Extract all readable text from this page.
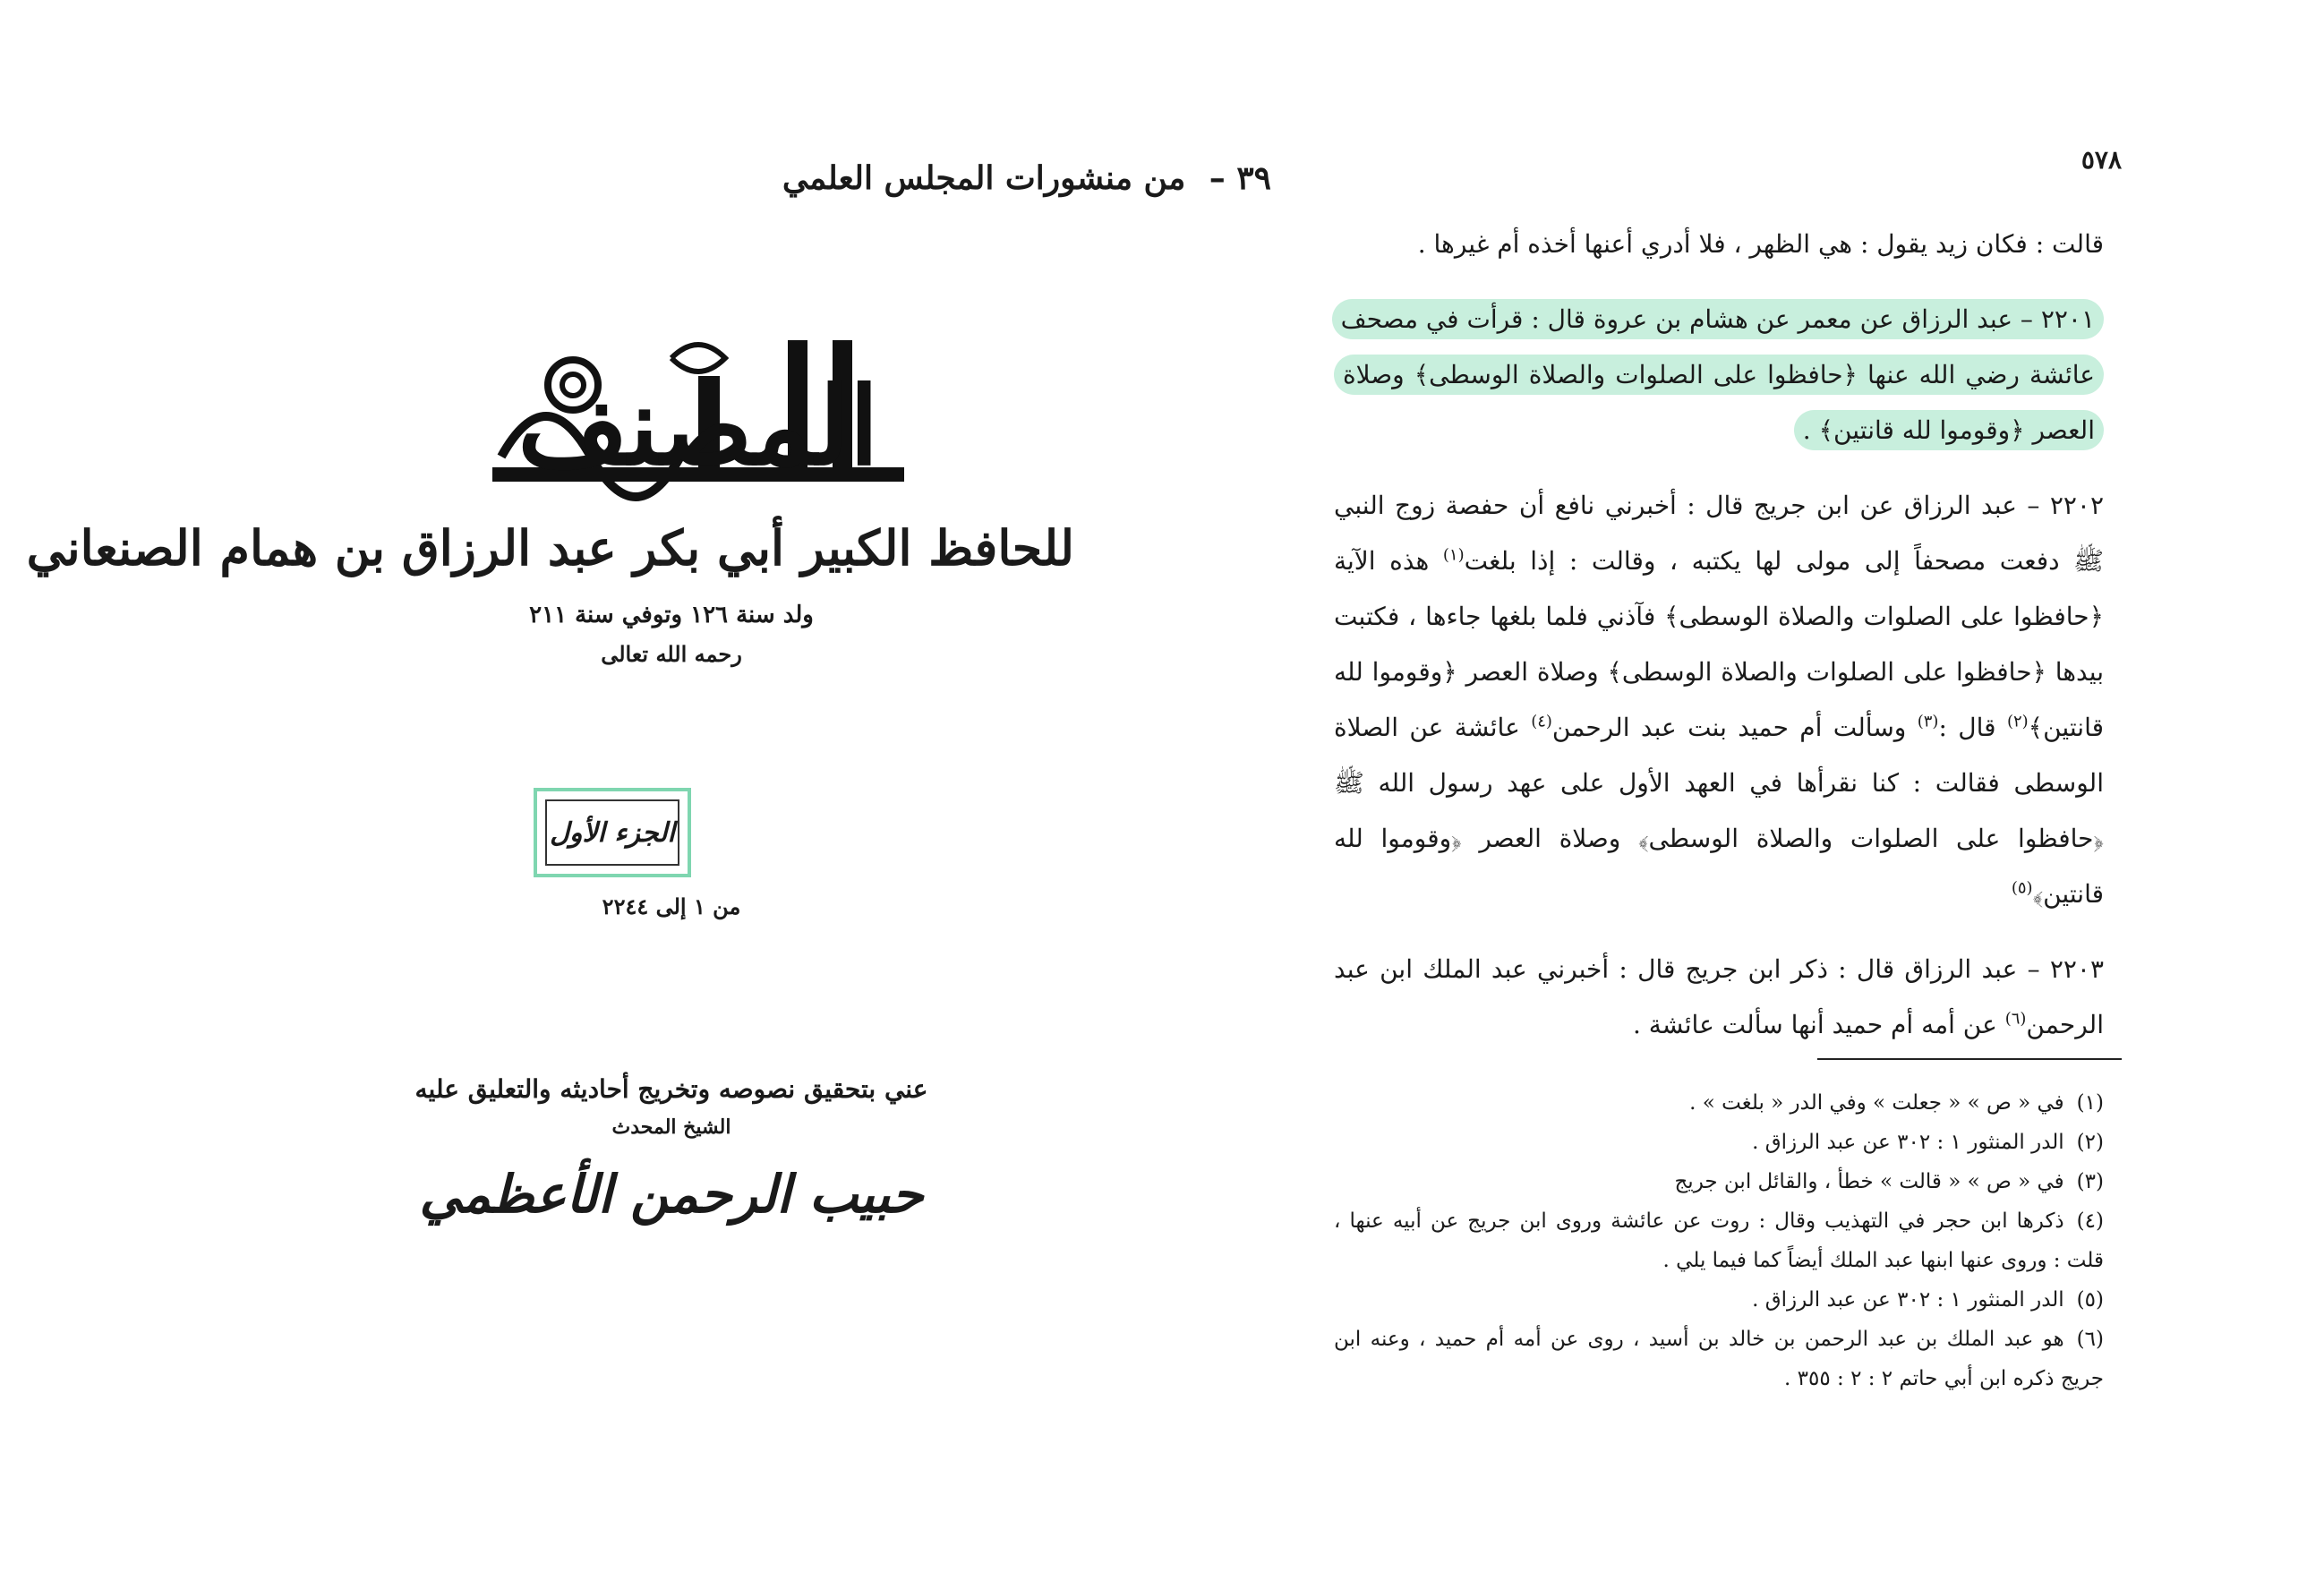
٣٩ – من منشورات المجلس العلمي
المصنف
للحافظ الكبير أبي بكر عبد الرزاق بن همام الصنعاني
ولد سنة ١٢٦ وتوفي سنة ٢١١
رحمه الله تعالى
الجزء الأول
من ١ إلى ٢٢٤٤
عني بتحقيق نصوصه وتخريج أحاديثه والتعليق عليه
الشيخ المحدث
حبيب الرحمن الأعظمي
٥٧٨

قالت : فكان زيد يقول : هي الظهر ، فلا أدري أعنها أخذه أم غيرها .

٢٢٠١ – عبد الرزاق عن معمر عن هشام بن عروة قال : قرأت في مصحف عائشة رضي الله عنها ﴿حافظوا على الصلوات والصلاة الوسطى﴾ وصلاة العصر ﴿وقوموا لله قانتين﴾ .

٢٢٠٢ – عبد الرزاق عن ابن جريج قال : أخبرني نافع أن حفصة زوج النبي ﷺ دفعت مصحفاً إلى مولى لها يكتبه ، وقالت : إذا بلغت$^{(١)}$ هذه الآية ﴿حافظوا على الصلوات والصلاة الوسطى﴾ فآذني فلما بلغها جاءها ، فكتبت بيدها ﴿حافظوا على الصلوات والصلاة الوسطى﴾ وصلاة العصر ﴿وقوموا لله قانتين﴾$^{(٢)}$ قال :$^{(٣)}$ وسألت أم حميد بنت عبد الرحمن$^{(٤)}$ عائشة عن الصلاة الوسطى فقالت : كنا نقرأها في العهد الأول على عهد رسول الله ﷺ ﴿حافظوا على الصلوات والصلاة الوسطى﴾ وصلاة العصر ﴿وقوموا لله قانتين﴾$^{(٥)}$

٢٢٠٣ – عبد الرزاق قال : ذكر ابن جريج قال : أخبرني عبد الملك ابن عبد الرحمن$^{(٦)}$ عن أمه أم حميد أنها سألت عائشة .

(١)في « ص » « جعلت » وفي الدر « بلغت » .
(٢)الدر المنثور ١ : ٣٠٢ عن عبد الرزاق .
(٣)في « ص » « قالت » خطأ ، والقائل ابن جريج
(٤)ذكرها ابن حجر في التهذيب وقال : روت عن عائشة وروى ابن جريج عن أبيه عنها ، قلت : وروى عنها ابنها عبد الملك أيضاً كما فيما يلي .
(٥)الدر المنثور ١ : ٣٠٢ عن عبد الرزاق .
(٦)هو عبد الملك بن عبد الرحمن بن خالد بن أسيد ، روى عن أمه أم حميد ، وعنه ابن جريج ذكره ابن أبي حاتم ٢ : ٢ : ٣٥٥ .
